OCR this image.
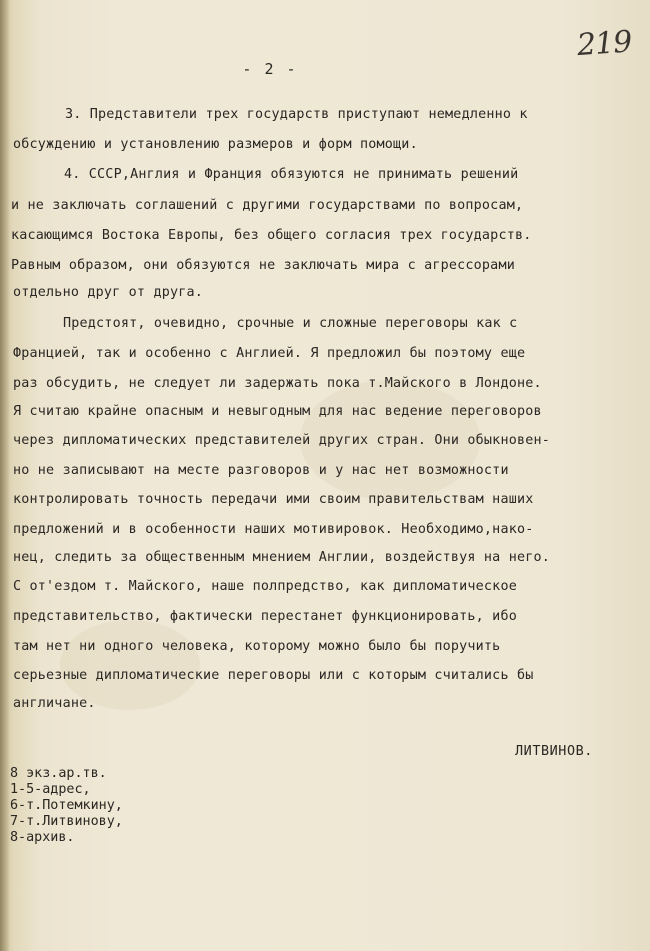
- 2 -
219
3. Представители трех государств приступают немедленно к
обсуждению и установлению размеров и форм помощи.
4. СССР,Англия и Франция обязуются не принимать решений
и не заключать соглашений с другими государствами по вопросам,
касающимся Востока Европы, без общего согласия трех государств.
Равным образом, они обязуются не заключать мира с агрессорами
отдельно друг от друга.
Предстоят, очевидно, срочные и сложные переговоры как с
Францией, так и особенно с Англией. Я предложил бы поэтому еще
раз обсудить, не следует ли задержать пока т.Майского в Лондоне.
Я считаю крайне опасным и невыгодным для нас ведение переговоров
через дипломатических представителей других стран. Они обыкновен-
но не записывают на месте разговоров и у нас нет возможности
контролировать точность передачи ими своим правительствам наших
предложений и в особенности наших мотивировок. Необходимо,нако-
нец, следить за общественным мнением Англии, воздействуя на него.
С от'ездом т. Майского, наше полпредство, как дипломатическое
представительство, фактически перестанет функционировать, ибо
там нет ни одного человека, которому можно было бы поручить
серьезные дипломатические переговоры или с которым считались бы
англичане.
ЛИТВИНОВ.
8 экз.ар.тв.
1-5-адрес,
6-т.Потемкину,
7-т.Литвинову,
8-архив.
